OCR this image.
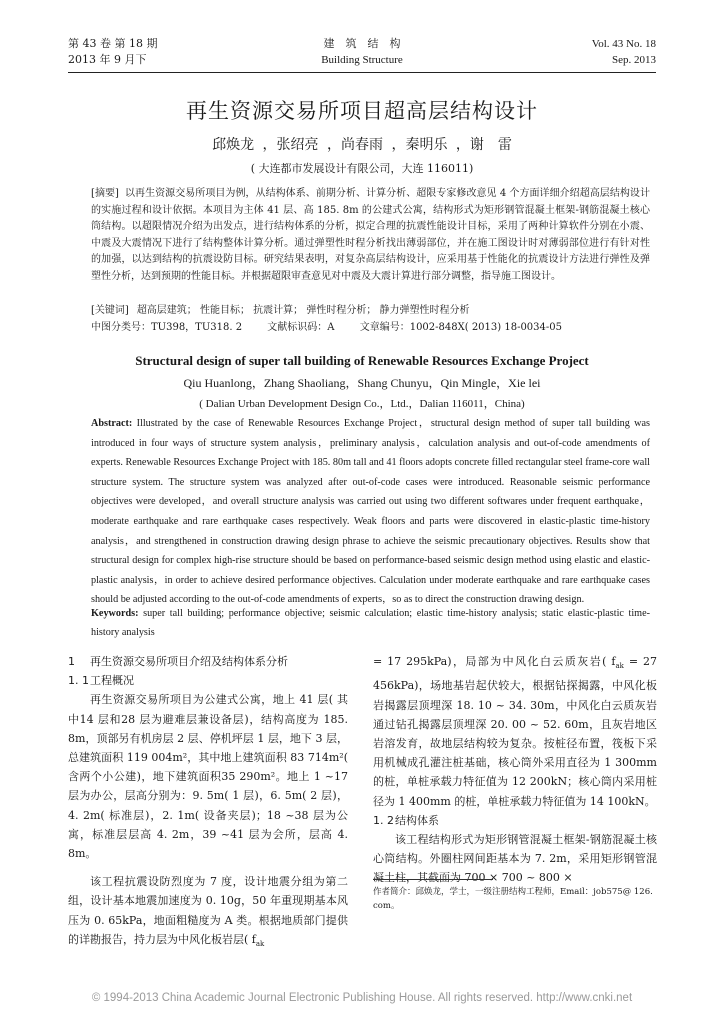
第 43 卷 第 18 期
2013 年 9 月下
建　筑　结　构
Building Structure
Vol. 43 No. 18
Sep. 2013
再生资源交易所项目超高层结构设计
邱焕龙 ，张绍亮 ，尚春雨 ，秦明乐 ，谢　雷
( 大连都市发展设计有限公司，大连 116011)
[摘要] 以再生资源交易所项目为例，从结构体系、前期分析、计算分析、超限专家修改意见 4 个方面详细介绍超高层结构设计的实施过程和设计依据。本项目为主体 41 层、高 185. 8m 的公建式公寓，结构形式为矩形钢管混凝土框架-钢筋混凝土核心筒结构。以超限情况介绍为出发点，进行结构体系的分析，拟定合理的抗震性能设计目标，采用了两种计算软件分别在小震、中震及大震情况下进行了结构整体计算分析。通过弹塑性时程分析找出薄弱部位，并在施工图设计时对薄弱部位进行有针对性的加强，以达到结构的抗震设防目标。研究结果表明，对复杂高层结构设计，应采用基于性能化的抗震设计方法进行弹性及弹塑性分析，达到预期的性能目标。并根据超限审查意见对中震及大震计算进行部分调整，指导施工图设计。
[关键词] 超高层建筑； 性能目标； 抗震计算； 弹性时程分析； 静力弹塑性时程分析
中图分类号：TU398，TU318. 2	文献标识码：A	文章编号：1002-848X( 2013) 18-0034-05
Structural design of super tall building of Renewable Resources Exchange Project
Qiu Huanlong，Zhang Shaoliang，Shang Chunyu，Qin Mingle，Xie lei
( Dalian Urban Development Design Co.，Ltd.，Dalian 116011，China)
Abstract: Illustrated by the case of Renewable Resources Exchange Project，structural design method of super tall building was introduced in four ways of structure system analysis，preliminary analysis，calculation analysis and out-of-code amendments of experts. Renewable Resources Exchange Project with 185. 80m tall and 41 floors adopts concrete filled rectangular steel frame-core wall structure system. The structure system was analyzed after out-of-code cases were introduced. Reasonable seismic performance objectives were developed，and overall structure analysis was carried out using two different softwares under frequent earthquake，moderate earthquake and rare earthquake cases respectively. Weak floors and parts were discovered in elastic-plastic time-history analysis，and strengthened in construction drawing design phrase to achieve the seismic precautionary objectives. Results show that structural design for complex high-rise structure should be based on performance-based seismic design method using elastic and elastic-plastic analysis，in order to achieve desired performance objectives. Calculation under moderate earthquake and rare earthquake cases should be adjusted according to the out-of-code amendments of experts，so as to direct the construction drawing design.
Keywords: super tall building; performance objective; seismic calculation; elastic time-history analysis; static elastic-plastic time-history analysis
1 再生资源交易所项目介绍及结构体系分析
1. 1工程概况

再生资源交易所项目为公建式公寓，地上 41 层( 其中14 层和28 层为避难层兼设备层)，结构高度为 185. 8m，顶部另有机房层 2 层、停机坪层 1 层，地下 3 层，总建筑面积 119 004m²，其中地上建筑面积 83 714m²( 含两个小公建)，地下建筑面积35 290m²。地上 1 ~17 层为办公，层高分别为：9. 5m( 1 层)，6. 5m( 2 层)，4. 2m( 标准层)，2. 1m( 设备夹层)；18 ~38 层为公寓，标准层层高 4. 2m，39 ~41 层为会所，层高 4. 8m。

该工程抗震设防烈度为 7 度，设计地震分组为第二组，设计基本地震加速度为 0. 10g，50 年重现期基本风压为 0. 65kPa，地面粗糙度为 A 类。根据地质部门提供的详勘报告，持力层为中风化板岩层( $f_{ak}$

= 17 295kPa)，局部为中风化白云质灰岩( $f_{ak} = 27$ 456kPa)，场地基岩起伏较大，根据钻探揭露，中风化板岩揭露层顶埋深 18. 10 ~ 34. 30m，中风化白云质灰岩通过钻孔揭露层顶埋深 20. 00 ~ 52. 60m，且灰岩地区岩溶发育，故地层结构较为复杂。按桩径布置，筏板下采用机械成孔灌注桩基础，核心筒外采用直径为 1 300mm 的桩，单桩承载力特征值为 12 200kN；核心筒内采用桩径为 1 400mm 的桩，单桩承载力特征值为 14 100kN。

1. 2结构体系

该工程结构形式为矩形钢管混凝土框架-钢筋混凝土核心筒结构。外圈柱网间距基本为 7. 2m，采用矩形钢管混凝土柱，其截面为 700 × 700 ~ 800 ×

作者简介：邱焕龙，学士，一级注册结构工程师，Email：job575@ 126. com。
© 1994-2013 China Academic Journal Electronic Publishing House. All rights reserved. http://www.cnki.net
